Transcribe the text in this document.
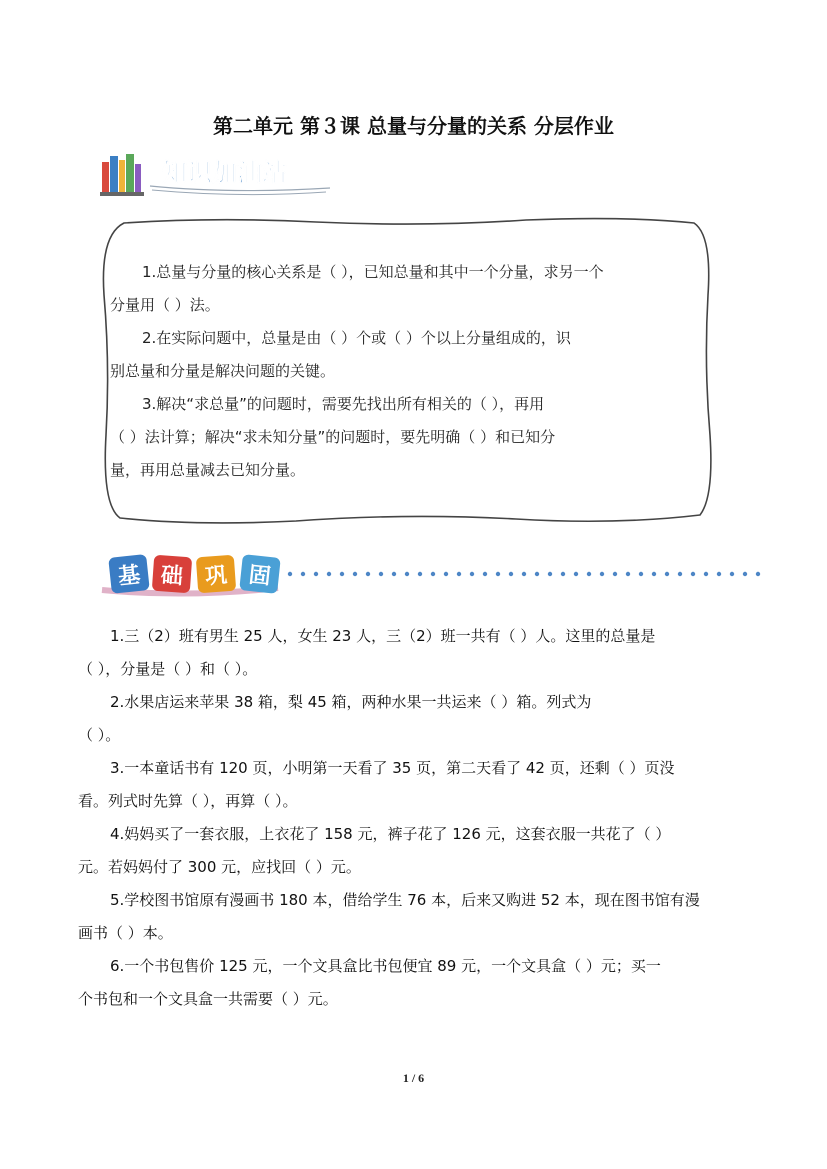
第二单元 第３课 总量与分量的关系 分层作业
知识加油站

1.总量与分量的核心关系是（ ），已知总量和其中一个分量，求另一个

分量用（ ）法。

2.在实际问题中，总量是由（ ）个或（ ）个以上分量组成的，识

别总量和分量是解决问题的关键。

3.解决“求总量”的问题时，需要先找出所有相关的（ ），再用

（ ）法计算；解决“求未知分量”的问题时，要先明确（ ）和已知分

量，再用总量减去已知分量。

基 础 巩 固

1.三（2）班有男生 25 人，女生 23 人，三（2）班一共有（ ）人。这里的总量是

（ ），分量是（ ）和（ ）。

2.水果店运来苹果 38 箱，梨 45 箱，两种水果一共运来（ ）箱。列式为

（ ）。

3.一本童话书有 120 页，小明第一天看了 35 页，第二天看了 42 页，还剩（ ）页没

看。列式时先算（ ），再算（ ）。

4.妈妈买了一套衣服，上衣花了 158 元，裤子花了 126 元，这套衣服一共花了（ ）

元。若妈妈付了 300 元，应找回（ ）元。

5.学校图书馆原有漫画书 180 本，借给学生 76 本，后来又购进 52 本，现在图书馆有漫

画书（ ）本。

6.一个书包售价 125 元，一个文具盒比书包便宜 89 元，一个文具盒（ ）元；买一

个书包和一个文具盒一共需要（ ）元。

1 / 6
